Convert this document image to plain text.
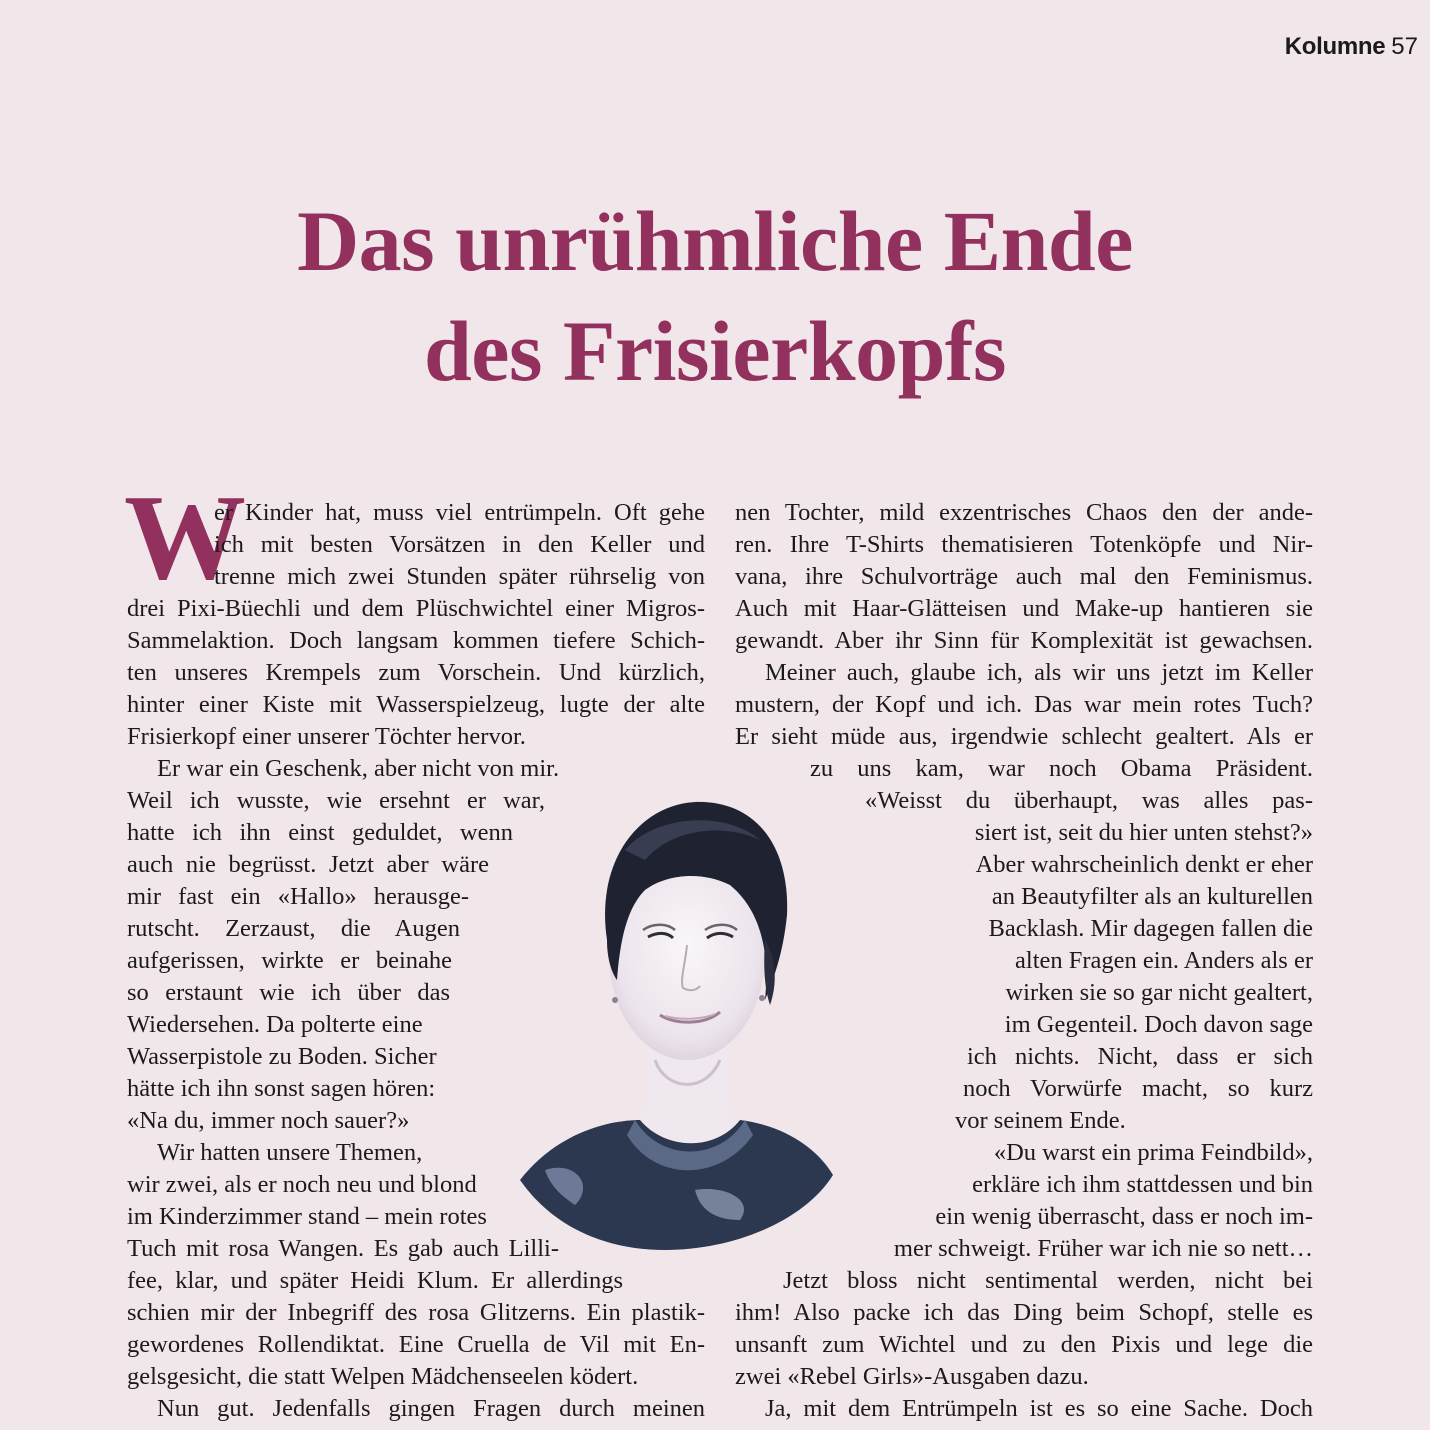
Kolumne 57
Das unrühmliche Ende
des Frisierkopfs
W
er Kinder hat, muss viel entrümpeln. Oft gehe
ich mit besten Vorsätzen in den Keller und
trenne mich zwei Stunden später rührselig von
drei Pixi-Büechli und dem Plüschwichtel einer Migros-
Sammelaktion. Doch langsam kommen tiefere Schich-
ten unseres Krempels zum Vorschein. Und kürzlich,
hinter einer Kiste mit Wasserspielzeug, lugte der alte
Frisierkopf einer unserer Töchter hervor.
Er war ein Geschenk, aber nicht von mir.
Weil ich wusste, wie ersehnt er war,
hatte ich ihn einst geduldet, wenn
auch nie begrüsst. Jetzt aber wäre
mir fast ein «Hallo» herausge-
rutscht. Zerzaust, die Augen
aufgerissen, wirkte er beinahe
so erstaunt wie ich über das
Wiedersehen. Da polterte eine
Wasserpistole zu Boden. Sicher
hätte ich ihn sonst sagen hören:
«Na du, immer noch sauer?»
Wir hatten unsere Themen,
wir zwei, als er noch neu und blond
im Kinderzimmer stand – mein rotes
Tuch mit rosa Wangen. Es gab auch Lilli-
fee, klar, und später Heidi Klum. Er allerdings
schien mir der Inbegriff des rosa Glitzerns. Ein plastik-
gewordenes Rollendiktat. Eine Cruella de Vil mit En-
gelsgesicht, die statt Welpen Mädchenseelen ködert.
Nun gut. Jedenfalls gingen Fragen durch meinen
nen Tochter, mild exzentrisches Chaos den der ande-
ren. Ihre T-Shirts thematisieren Totenköpfe und Nir-
vana, ihre Schulvorträge auch mal den Feminismus.
Auch mit Haar-Glätteisen und Make-up hantieren sie
gewandt. Aber ihr Sinn für Komplexität ist gewachsen.
Meiner auch, glaube ich, als wir uns jetzt im Keller
mustern, der Kopf und ich. Das war mein rotes Tuch?
Er sieht müde aus, irgendwie schlecht gealtert. Als er
zu uns kam, war noch Obama Präsident.
«Weisst du überhaupt, was alles pas-
siert ist, seit du hier unten stehst?»
Aber wahrscheinlich denkt er eher
an Beautyfilter als an kulturellen
Backlash. Mir dagegen fallen die
alten Fragen ein. Anders als er
wirken sie so gar nicht gealtert,
im Gegenteil. Doch davon sage
ich nichts. Nicht, dass er sich
noch Vorwürfe macht, so kurz
vor seinem Ende.
«Du warst ein prima Feindbild»,
erkläre ich ihm stattdessen und bin
ein wenig überrascht, dass er noch im-
mer schweigt. Früher war ich nie so nett…
Jetzt bloss nicht sentimental werden, nicht bei
ihm! Also packe ich das Ding beim Schopf, stelle es
unsanft zum Wichtel und zu den Pixis und lege die
zwei «Rebel Girls»-Ausgaben dazu.
Ja, mit dem Entrümpeln ist es so eine Sache. Doch
